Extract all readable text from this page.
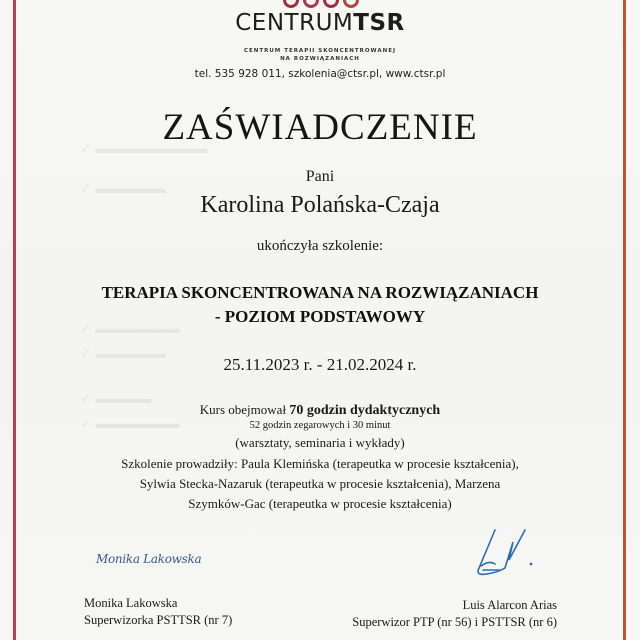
✓ ▬▬▬▬▬▬▬▬
✓ ▬▬▬▬▬
✓ ▬▬▬▬▬▬
✓ ▬▬▬▬▬
✓ ▬▬▬▬
✓ ▬▬▬▬▬▬
CENTRUMTSR
CENTRUM TERAPII SKONCENTROWANEJ
NA ROZWIĄZANIACH
tel. 535 928 011, szkolenia@ctsr.pl, www.ctsr.pl
ZAŚWIADCZENIE
Pani
Karolina Polańska-Czaja
ukończyła szkolenie:
TERAPIA SKONCENTROWANA NA ROZWIĄZANIACH
- POZIOM PODSTAWOWY
25.11.2023 r. - 21.02.2024 r.
Kurs obejmował 70 godzin dydaktycznych
52 godzin zegarowych i 30 minut
(warsztaty, seminaria i wykłady)
Szkolenie prowadziły: Paula Klemińska (terapeutka w procesie kształcenia),
Sylwia Stecka-Nazaruk (terapeutka w procesie kształcenia), Marzena
Szymków-Gac (terapeutka w procesie kształcenia)
Monika Lakowska
Monika Lakowska
Superwizorka PSTTSR (nr 7)
Luis Alarcon Arias
Superwizor PTP (nr 56) i PSTTSR (nr 6)
